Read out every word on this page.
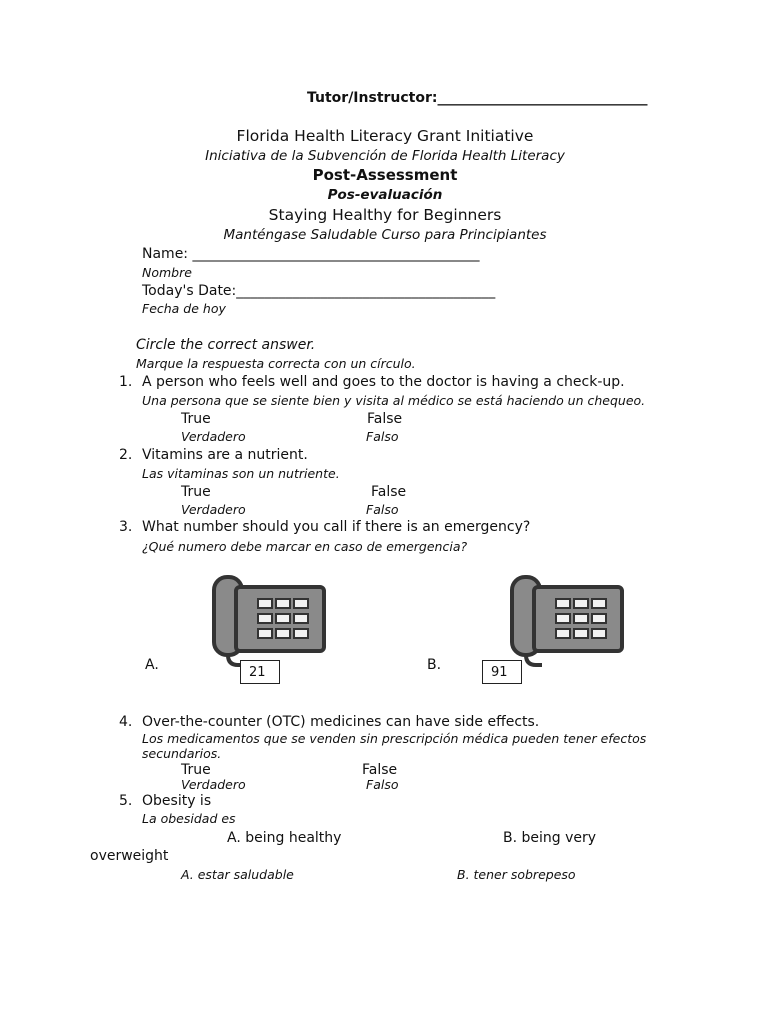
Tutor/Instructor:______________________________
Florida Health Literacy Grant Initiative
Iniciativa de la Subvención de Florida Health Literacy
Post-Assessment
Pos-evaluación
Staying Healthy for Beginners
Manténgase Saludable Curso para Principiantes
Name: _________________________________________
Nombre
Today's Date:_____________________________________
Fecha de hoy
Circle the correct answer.
Marque la respuesta correcta con un círculo.
1. A person who feels well and goes to the doctor is having a check-up.
Una persona que se siente bien y visita al médico se está haciendo un chequeo.
True	False
Verdadero	Falso
2. Vitamins are a nutrient.
Las vitaminas son un nutriente.
True	False
Verdadero	Falso
3. What number should you call if there is an emergency?
¿Qué numero debe marcar en caso de emergencia?
A.	21	B.	91
4. Over-the-counter (OTC) medicines can have side effects.
Los medicamentos que se venden sin prescripción médica pueden tener efectos
secundarios.
True	False
Verdadero	Falso
5. Obesity is
La obesidad es
A. being healthy	B. being very
overweight
A. estar saludable	B. tener sobrepeso
